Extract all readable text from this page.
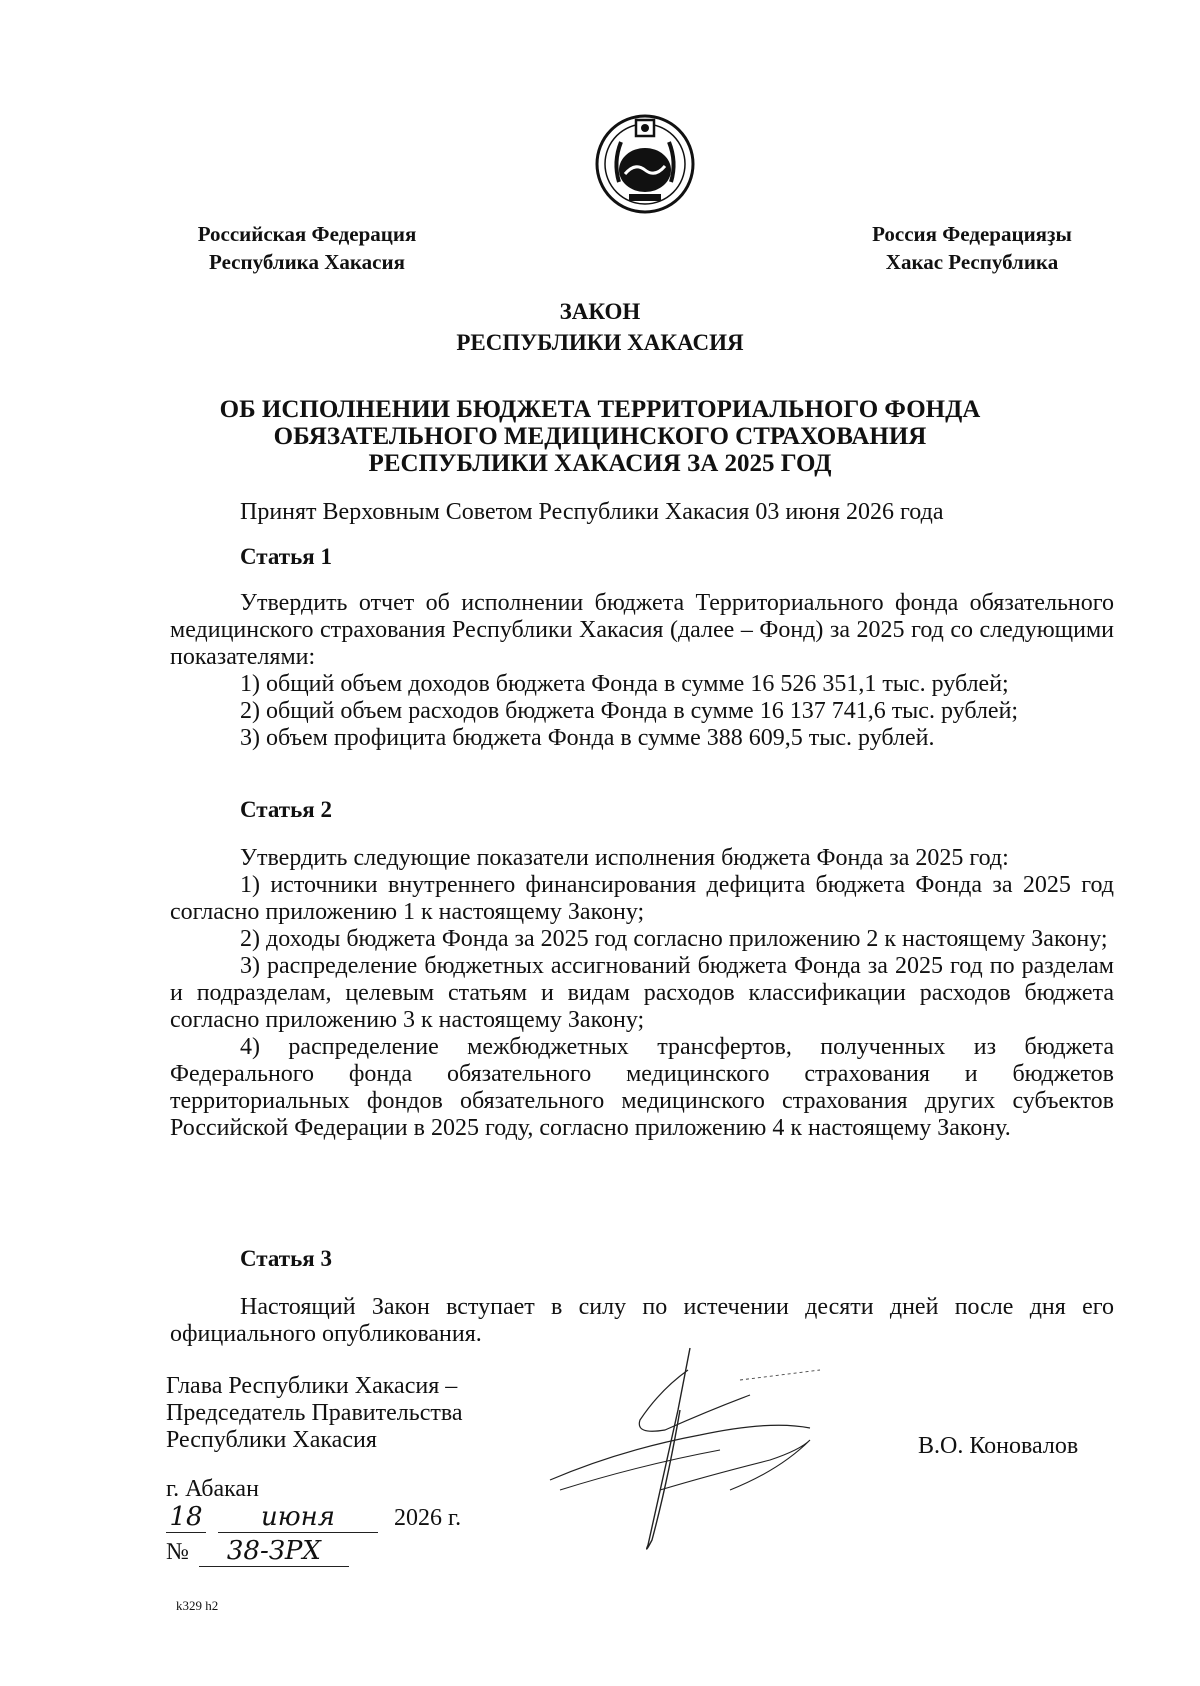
Российская Федерация
Республика Хакасия
Россия Федерацияҙы
Хакас Республика
ЗАКОН
РЕСПУБЛИКИ ХАКАСИЯ
ОБ ИСПОЛНЕНИИ БЮДЖЕТА ТЕРРИТОРИАЛЬНОГО ФОНДА
ОБЯЗАТЕЛЬНОГО МЕДИЦИНСКОГО СТРАХОВАНИЯ
РЕСПУБЛИКИ ХАКАСИЯ ЗА 2025 ГОД
Принят Верховным Советом Республики Хакасия 03 июня 2026 года
Статья 1

Утвердить отчет об исполнении бюджета Территориального фонда обязательного медицинского страхования Республики Хакасия (далее – Фонд) за 2025 год со следующими показателями:

1) общий объем доходов бюджета Фонда в сумме 16 526 351,1 тыс. рублей;

2) общий объем расходов бюджета Фонда в сумме 16 137 741,6 тыс. рублей;

3) объем профицита бюджета Фонда в сумме 388 609,5 тыс. рублей.

Статья 2

Утвердить следующие показатели исполнения бюджета Фонда за 2025 год:

1) источники внутреннего финансирования дефицита бюджета Фонда за 2025 год согласно приложению 1 к настоящему Закону;

2) доходы бюджета Фонда за 2025 год согласно приложению 2 к настоящему Закону;

3) распределение бюджетных ассигнований бюджета Фонда за 2025 год по разделам и подразделам, целевым статьям и видам расходов классификации расходов бюджета согласно приложению 3 к настоящему Закону;

4) распределение межбюджетных трансфертов, полученных из бюджета Федерального фонда обязательного медицинского страхования и бюджетов территориальных фондов обязательного медицинского страхования других субъектов Российской Федерации в 2025 году, согласно приложению 4 к настоящему Закону.

Статья 3

Настоящий Закон вступает в силу по истечении десяти дней после дня его официального опубликования.

Глава Республики Хакасия –
Председатель Правительства
Республики Хакасия	В.О. Коновалов
г. Абакан
18 июня 2026 г.
№ 38-ЗРХ
k329 h2
